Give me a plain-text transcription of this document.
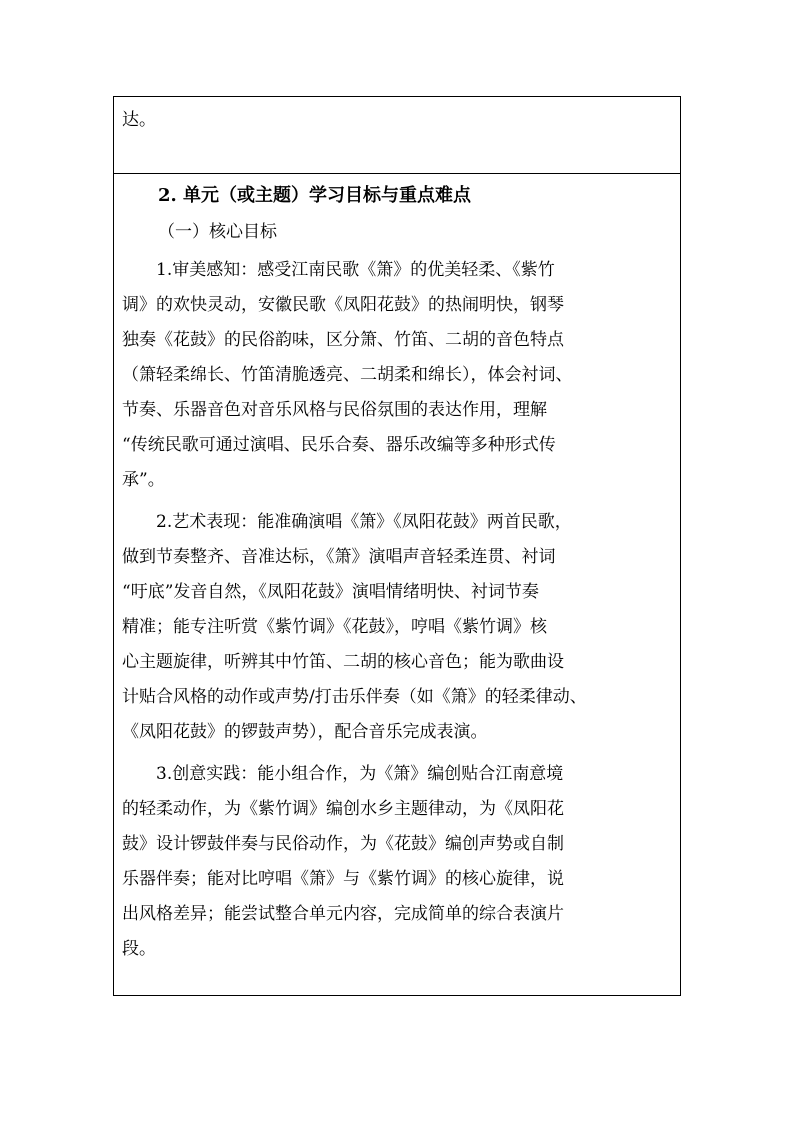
达。
2. 单元（或主题）学习目标与重点难点
（一）核心目标
　　1.审美感知：感受江南民歌《箫》的优美轻柔、《紫竹
调》的欢快灵动，安徽民歌《凤阳花鼓》的热闹明快，钢琴
独奏《花鼓》的民俗韵味，区分箫、竹笛、二胡的音色特点
（箫轻柔绵长、竹笛清脆透亮、二胡柔和绵长），体会衬词、
节奏、乐器音色对音乐风格与民俗氛围的表达作用，理解
“传统民歌可通过演唱、民乐合奏、器乐改编等多种形式传
承”。
　　2.艺术表现：能准确演唱《箫》《凤阳花鼓》两首民歌，
做到节奏整齐、音准达标，《箫》演唱声音轻柔连贯、衬词
“吁底”发音自然，《凤阳花鼓》演唱情绪明快、衬词节奏
精准；能专注听赏《紫竹调》《花鼓》，哼唱《紫竹调》核
心主题旋律，听辨其中竹笛、二胡的核心音色；能为歌曲设
计贴合风格的动作或声势/打击乐伴奏（如《箫》的轻柔律动、
《凤阳花鼓》的锣鼓声势），配合音乐完成表演。
　　3.创意实践：能小组合作，为《箫》编创贴合江南意境
的轻柔动作，为《紫竹调》编创水乡主题律动，为《凤阳花
鼓》设计锣鼓伴奏与民俗动作，为《花鼓》编创声势或自制
乐器伴奏；能对比哼唱《箫》与《紫竹调》的核心旋律，说
出风格差异；能尝试整合单元内容，完成简单的综合表演片
段。
